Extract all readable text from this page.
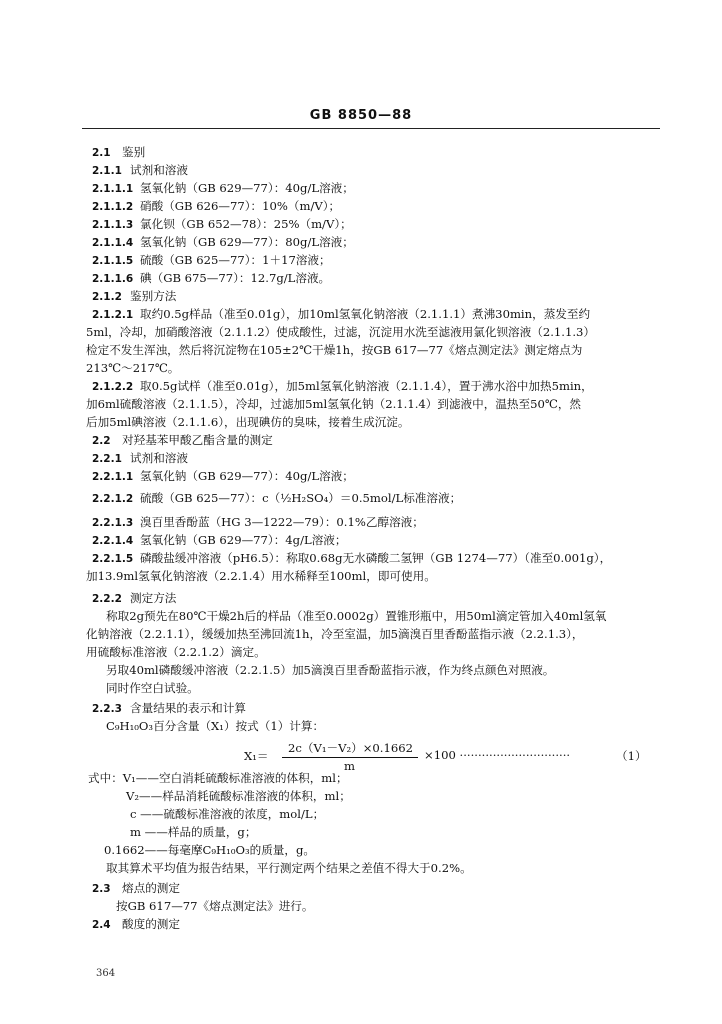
GB 8850—88
2.1 鉴别
2.1.1 试剂和溶液
2.1.1.1 氢氧化钠（GB 629—77）：40g/L溶液；
2.1.1.2 硝酸（GB 626—77）：10%（m/V）；
2.1.1.3 氯化钡（GB 652—78）：25%（m/V）；
2.1.1.4 氢氧化钠（GB 629—77）：80g/L溶液；
2.1.1.5 硫酸（GB 625—77）：1＋17溶液；
2.1.1.6 碘（GB 675—77）：12.7g/L溶液。
2.1.2 鉴别方法
2.1.2.1 取约0.5g样品（准至0.01g），加10ml氢氧化钠溶液（2.1.1.1）煮沸30min，蒸发至约
5ml，冷却，加硝酸溶液（2.1.1.2）使成酸性，过滤，沉淀用水洗至滤液用氯化钡溶液（2.1.1.3）
检定不发生浑浊，然后将沉淀物在105±2℃干燥1h，按GB 617—77《熔点测定法》测定熔点为
213℃～217℃。
2.1.2.2 取0.5g试样（准至0.01g），加5ml氢氧化钠溶液（2.1.1.4），置于沸水浴中加热5min，
加6ml硫酸溶液（2.1.1.5），冷却，过滤加5ml氢氧化钠（2.1.1.4）到滤液中，温热至50℃，然
后加5ml碘溶液（2.1.1.6），出现碘仿的臭味，接着生成沉淀。
2.2 对羟基苯甲酸乙酯含量的测定
2.2.1 试剂和溶液
2.2.1.1 氢氧化钠（GB 629—77）：40g/L溶液；
2.2.1.2 硫酸（GB 625—77）：c（½H₂SO₄）＝0.5mol/L标准溶液；
2.2.1.3 溴百里香酚蓝（HG 3—1222—79）：0.1%乙醇溶液；
2.2.1.4 氢氧化钠（GB 629—77）：4g/L溶液；
2.2.1.5 磷酸盐缓冲溶液（pH6.5）：称取0.68g无水磷酸二氢钾（GB 1274—77）（准至0.001g），
加13.9ml氢氧化钠溶液（2.2.1.4）用水稀释至100ml，即可使用。
2.2.2 测定方法
称取2g预先在80℃干燥2h后的样品（准至0.0002g）置锥形瓶中，用50ml滴定管加入40ml氢氧
化钠溶液（2.2.1.1），缓缓加热至沸回流1h，冷至室温，加5滴溴百里香酚蓝指示液（2.2.1.3），
用硫酸标准溶液（2.2.1.2）滴定。
另取40ml磷酸缓冲溶液（2.2.1.5）加5滴溴百里香酚蓝指示液，作为终点颜色对照液。
同时作空白试验。
2.2.3 含量结果的表示和计算
C₉H₁₀O₃百分含量（X₁）按式（1）计算：
式中：V₁——空白消耗硫酸标准溶液的体积，ml；
V₂——样品消耗硫酸标准溶液的体积，ml；
c ——硫酸标准溶液的浓度，mol/L；
m ——样品的质量，g；
0.1662——每毫摩C₉H₁₀O₃的质量，g。
取其算术平均值为报告结果，平行测定两个结果之差值不得大于0.2%。
2.3 熔点的测定
按GB 617—77《熔点测定法》进行。
2.4 酸度的测定
X₁＝
2c（V₁－V₂）×0.1662
m
×100 ······························	（1）
364
